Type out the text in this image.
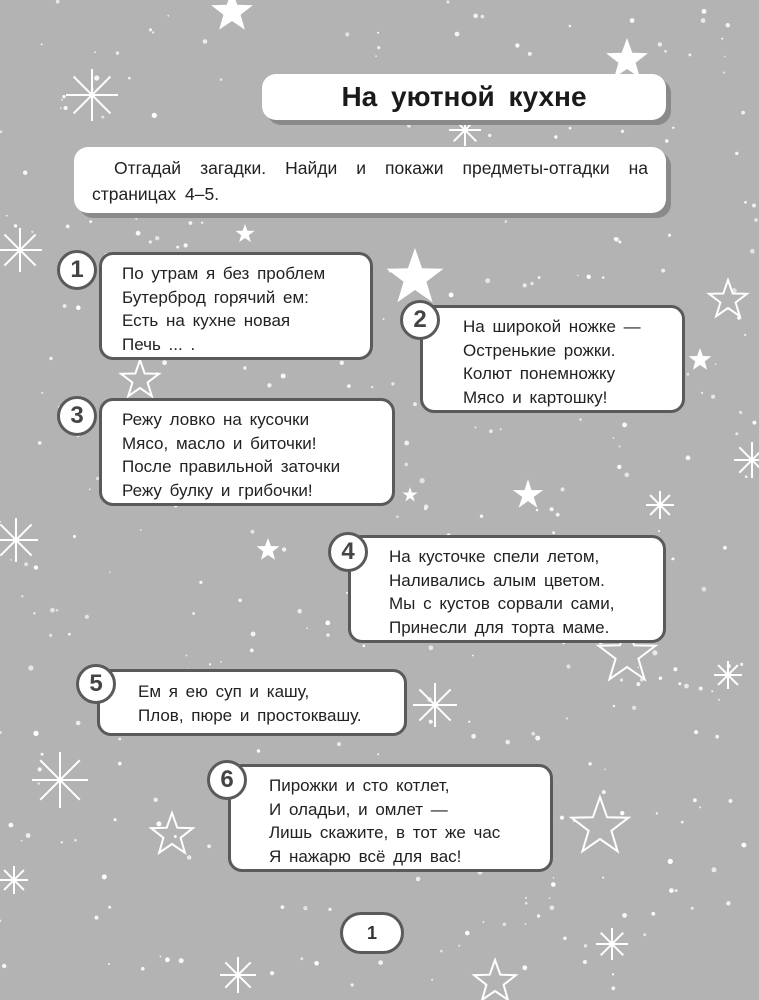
На уютной кухне
Отгадай загадки. Найди и покажи предметы-отгадки на страницах 4–5.
По утрам я без проблем
Бутерброд горячий ем:
Есть на кухне новая
Печь ... .
1
На широкой ножке —
Остренькие рожки.
Колют понемножку
Мясо и картошку!
2
Режу ловко на кусочки
Мясо, масло и биточки!
После правильной заточки
Режу булку и грибочки!
3
На кусточке спели летом,
Наливались алым цветом.
Мы с кустов сорвали сами,
Принесли для торта маме.
4
Ем я ею суп и кашу,
Плов, пюре и простоквашу.
5
Пирожки и сто котлет,
И оладьи, и омлет —
Лишь скажите, в тот же час
Я нажарю всё для вас!
6
1
